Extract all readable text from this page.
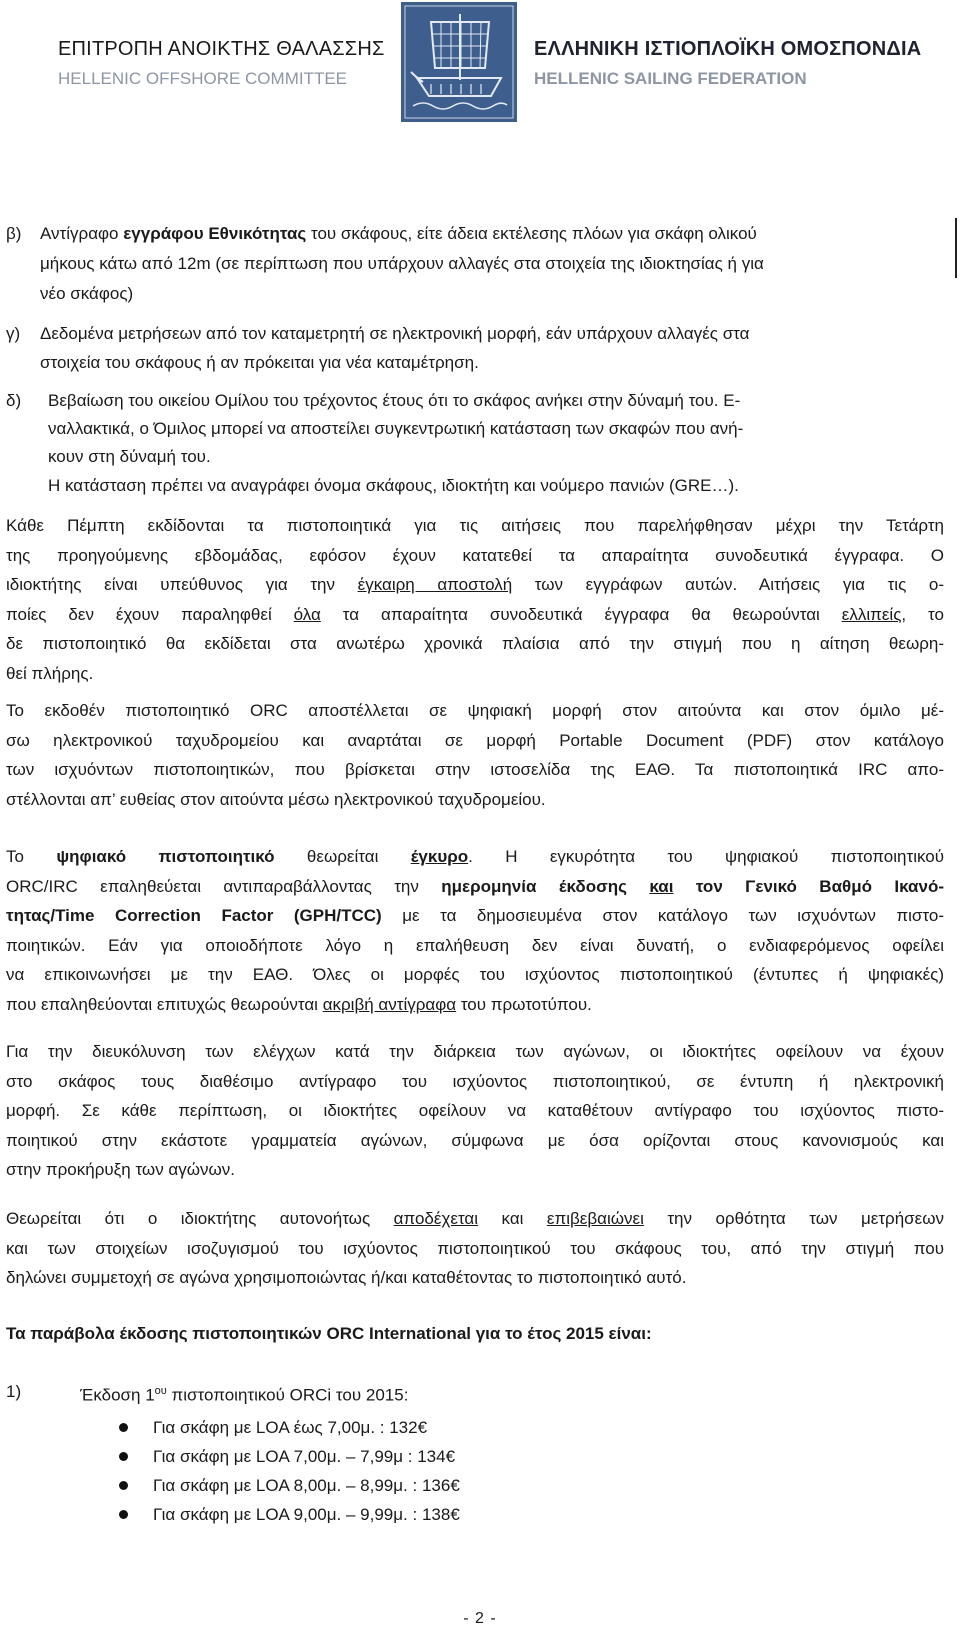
ΕΠΙΤΡΟΠΗ ΑΝΟΙΚΤΗΣ ΘΑΛΑΣΣΗΣ
HELLENIC OFFSHORE COMMITTEE
ΕΛΛΗΝΙΚΗ ΙΣΤΙΟΠΛΟΪΚΗ ΟΜΟΣΠΟΝΔΙΑ
HELLENIC SAILING FEDERATION
β) Αντίγραφο εγγράφου Εθνικότητας του σκάφους, είτε άδεια εκτέλεσης πλόων για σκάφη ολικού
μήκους κάτω από 12m (σε περίπτωση που υπάρχουν αλλαγές στα στοιχεία της ιδιοκτησίας ή για
νέο σκάφος)
γ) Δεδομένα μετρήσεων από τον καταμετρητή σε ηλεκτρονική μορφή, εάν υπάρχουν αλλαγές στα
στοιχεία του σκάφους ή αν πρόκειται για νέα καταμέτρηση.
δ) Βεβαίωση του οικείου Ομίλου του τρέχοντος έτους ότι το σκάφος ανήκει στην δύναμή του. Ε-
ναλλακτικά, ο Όμιλος μπορεί να αποστείλει συγκεντρωτική κατάσταση των σκαφών που ανή-
κουν στη δύναμή του.
Η κατάσταση πρέπει να αναγράφει όνομα σκάφους, ιδιοκτήτη και νούμερο πανιών (GRE…).
Κάθε Πέμπτη εκδίδονται τα πιστοποιητικά για τις αιτήσεις που παρελήφθησαν μέχρι την Τετάρτη
της προηγούμενης εβδομάδας, εφόσον έχουν κατατεθεί τα απαραίτητα συνοδευτικά έγγραφα. Ο
ιδιοκτήτης είναι υπεύθυνος για την έγκαιρη αποστολή των εγγράφων αυτών. Αιτήσεις για τις ο-
ποίες δεν έχουν παραληφθεί όλα τα απαραίτητα συνοδευτικά έγγραφα θα θεωρούνται ελλιπείς, το
δε πιστοποιητικό θα εκδίδεται στα ανωτέρω χρονικά πλαίσια από την στιγμή που η αίτηση θεωρη-
θεί πλήρης.
Το εκδοθέν πιστοποιητικό ORC αποστέλλεται σε ψηφιακή μορφή στον αιτούντα και στον όμιλο μέ-
σω ηλεκτρονικού ταχυδρομείου και αναρτάται σε μορφή Portable Document (PDF) στον κατάλογο
των ισχυόντων πιστοποιητικών, που βρίσκεται στην ιστοσελίδα της ΕΑΘ. Τα πιστοποιητικά IRC απο-
στέλλονται απ’ ευθείας στον αιτούντα μέσω ηλεκτρονικού ταχυδρομείου.
Το ψηφιακό πιστοποιητικό θεωρείται έγκυρο. Η εγκυρότητα του ψηφιακού πιστοποιητικού
ORC/IRC επαληθεύεται αντιπαραβάλλοντας την ημερομηνία έκδοσης και τον Γενικό Βαθμό Ικανό-
τητας/Time Correction Factor (GPH/TCC) με τα δημοσιευμένα στον κατάλογο των ισχυόντων πιστο-
ποιητικών. Εάν για οποιοδήποτε λόγο η επαλήθευση δεν είναι δυνατή, ο ενδιαφερόμενος οφείλει
να επικοινωνήσει με την ΕΑΘ. Όλες οι μορφές του ισχύοντος πιστοποιητικού (έντυπες ή ψηφιακές)
που επαληθεύονται επιτυχώς θεωρούνται ακριβή αντίγραφα του πρωτοτύπου.
Για την διευκόλυνση των ελέγχων κατά την διάρκεια των αγώνων, οι ιδιοκτήτες οφείλουν να έχουν
στο σκάφος τους διαθέσιμο αντίγραφο του ισχύοντος πιστοποιητικού, σε έντυπη ή ηλεκτρονική
μορφή. Σε κάθε περίπτωση, οι ιδιοκτήτες οφείλουν να καταθέτουν αντίγραφο του ισχύοντος πιστο-
ποιητικού στην εκάστοτε γραμματεία αγώνων, σύμφωνα με όσα ορίζονται στους κανονισμούς και
στην προκήρυξη των αγώνων.
Θεωρείται ότι ο ιδιοκτήτης αυτονοήτως αποδέχεται και επιβεβαιώνει την ορθότητα των μετρήσεων
και των στοιχείων ισοζυγισμού του ισχύοντος πιστοποιητικού του σκάφους του, από την στιγμή που
δηλώνει συμμετοχή σε αγώνα χρησιμοποιώντας ή/και καταθέτοντας το πιστοποιητικό αυτό.
Τα παράβολα έκδοσης πιστοποιητικών ORC International για το έτος 2015 είναι:
1)	Έκδοση $1^{o\upsilon}$ πιστοποιητικού ORCi του 2015:
Για σκάφη με LOA έως 7,00μ. : 132€
Για σκάφη με LOA 7,00μ. – 7,99μ : 134€
Για σκάφη με LOA 8,00μ. – 8,99μ. : 136€
Για σκάφη με LOA 9,00μ. – 9,99μ. : 138€
- 2 -
